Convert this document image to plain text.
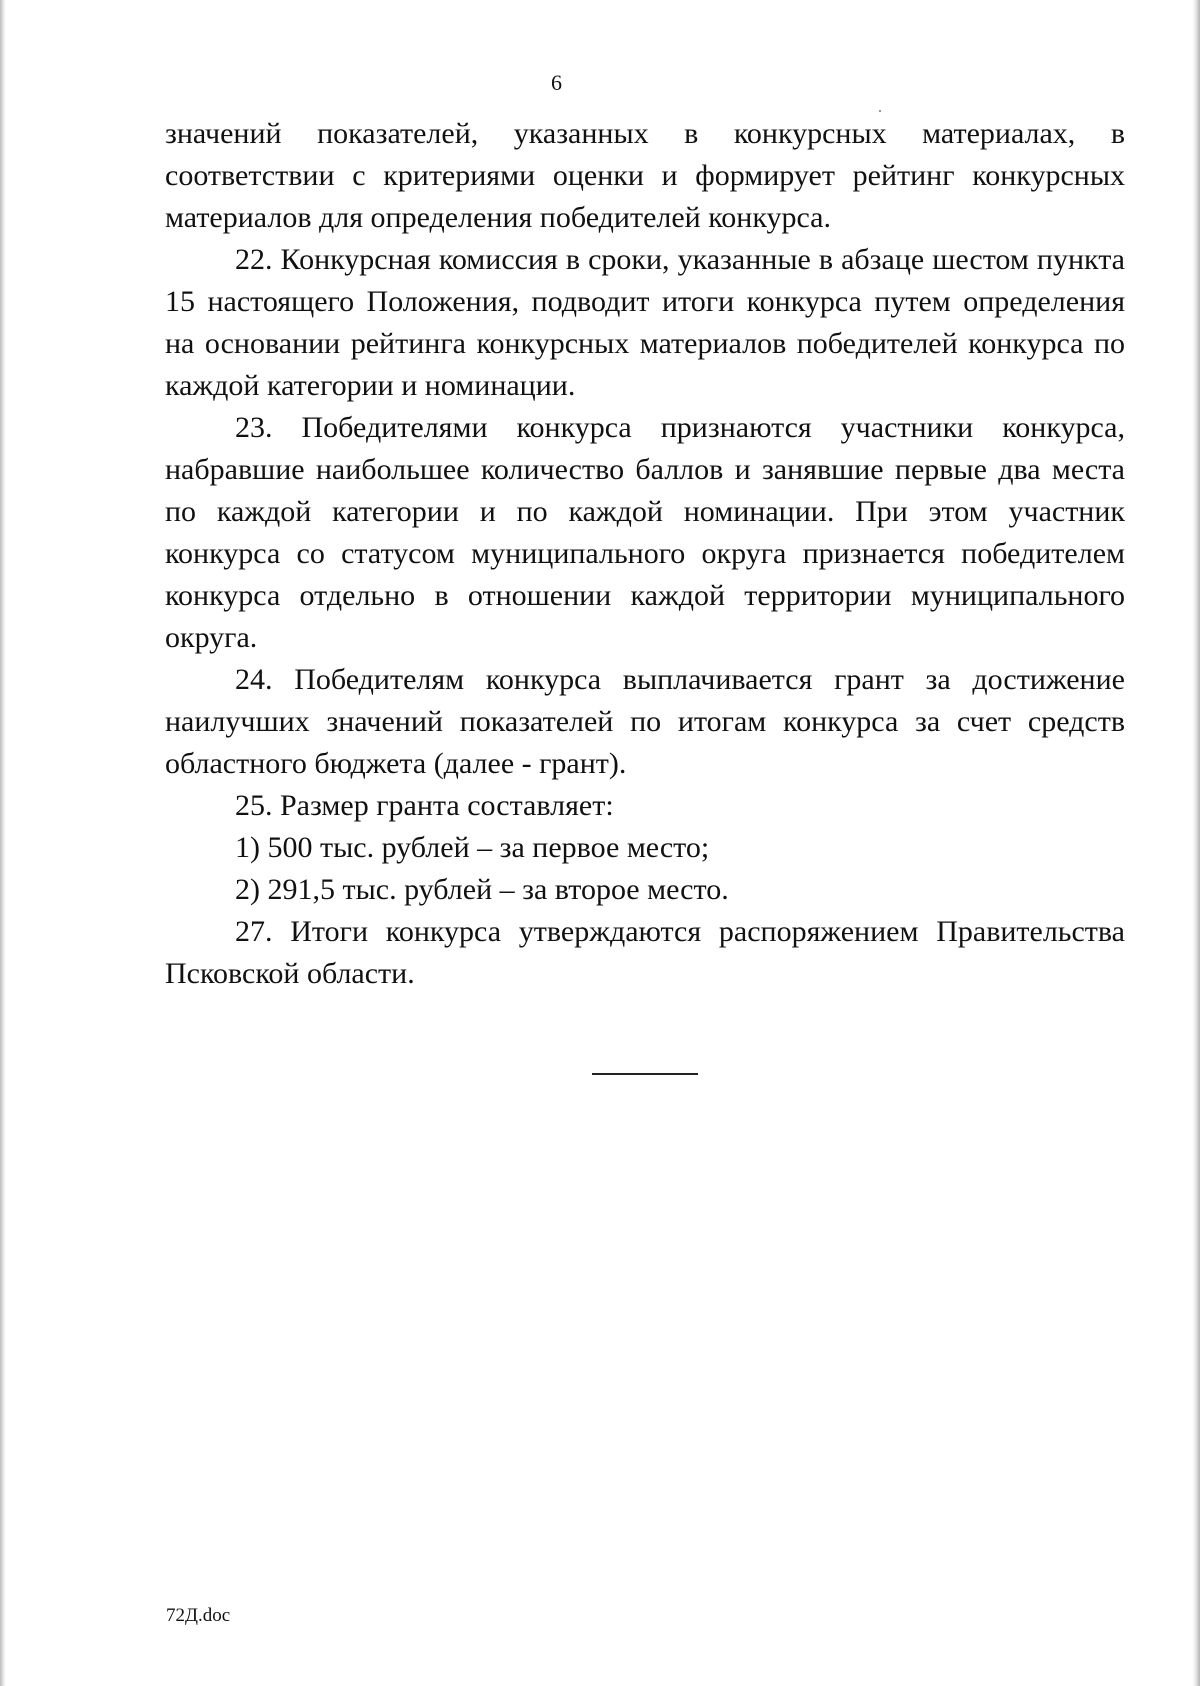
6

значений показателей, указанных в конкурсных материалах, в соответствии с критериями оценки и формирует рейтинг конкурсных материалов для определения победителей конкурса.

22. Конкурсная комиссия в сроки, указанные в абзаце шестом пункта 15 настоящего Положения, подводит итоги конкурса путем определения на основании рейтинга конкурсных материалов победителей конкурса по каждой категории и номинации.

23. Победителями конкурса признаются участники конкурса, набравшие наибольшее количество баллов и занявшие первые два места по каждой категории и по каждой номинации. При этом участник конкурса со статусом муниципального округа признается победителем конкурса отдельно в отношении каждой территории муниципального округа.

24. Победителям конкурса выплачивается грант за достижение наилучших значений показателей по итогам конкурса за счет средств областного бюджета (далее - грант).

25. Размер гранта составляет:

1) 500 тыс. рублей – за первое место;

2) 291,5 тыс. рублей – за второе место.

27. Итоги конкурса утверждаются распоряжением Правительства Псковской области.

72Д.doc
